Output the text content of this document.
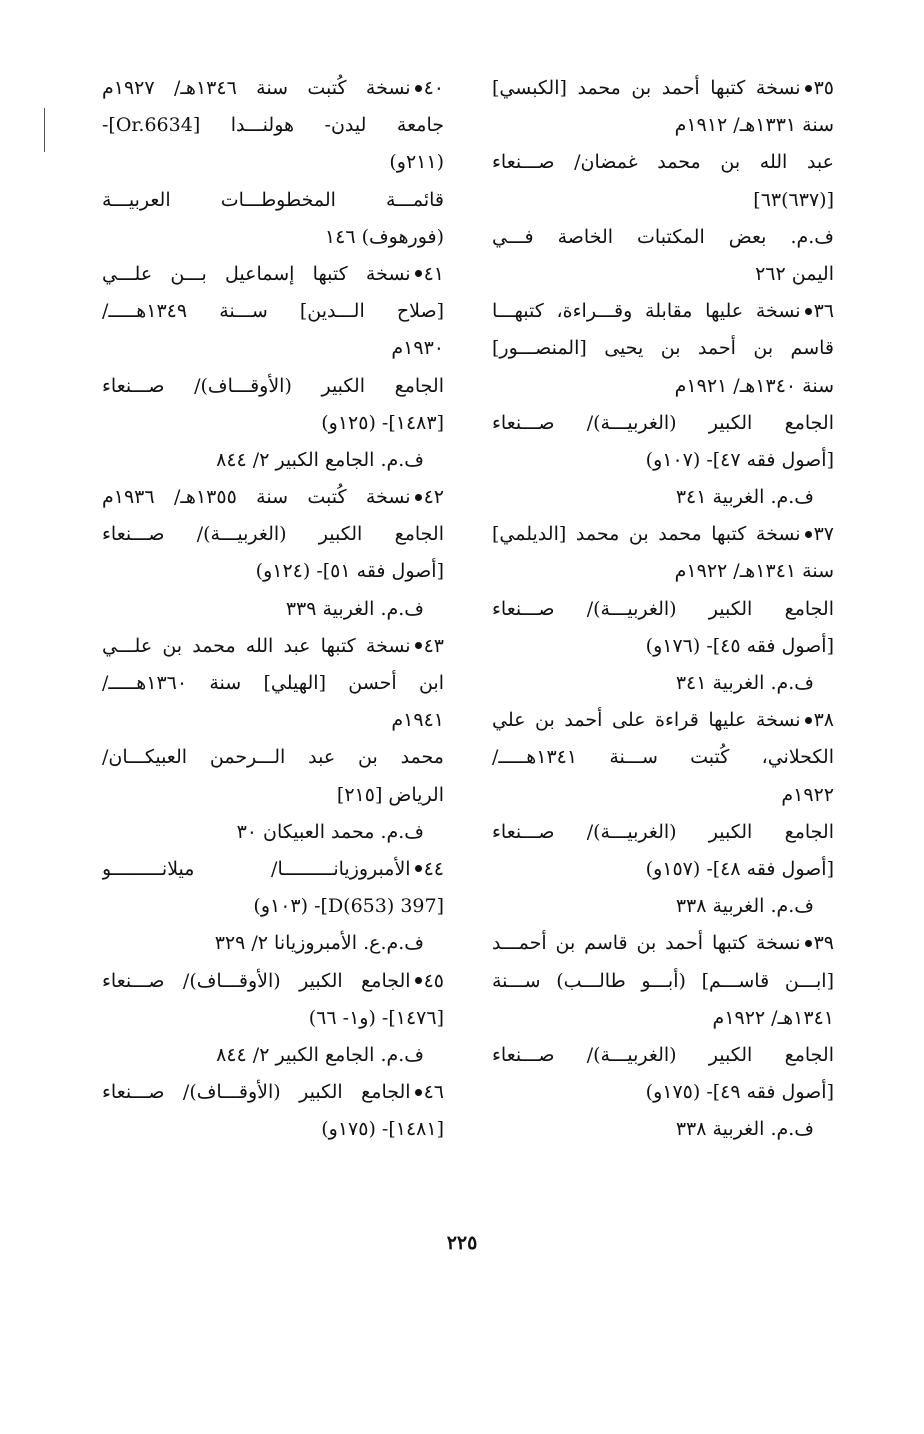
٣٥نسخة كتبها أحمد بن محمد [الكبسي]
سنة ١٣٣١هـ/ ١٩١٢م
عبد الله بن محمد غمضان/ صـــنعاء
[(٦٣٧)٦٣]
ف.م. بعض المكتبات الخاصة فـــي
اليمن ٢٦٢
٣٦نسخة عليها مقابلة وقـــراءة، كتبهـــا
قاسم بن أحمد بن يحيى [المنصـــور]
سنة ١٣٤٠هـ/ ١٩٢١م
الجامع الكبير (الغربيـــة)/ صـــنعاء
[أصول فقه ٤٧]- (١٠٧و)
ف.م. الغربية ٣٤١
٣٧نسخة كتبها محمد بن محمد [الديلمي]
سنة ١٣٤١هـ/ ١٩٢٢م
الجامع الكبير (الغربيـــة)/ صـــنعاء
[أصول فقه ٤٥]- (١٧٦و)
ف.م. الغربية ٣٤١
٣٨نسخة عليها قراءة على أحمد بن علي
الكحلاني، كُتبت ســـنة ١٣٤١هـــــ/
١٩٢٢م
الجامع الكبير (الغربيـــة)/ صـــنعاء
[أصول فقه ٤٨]- (١٥٧و)
ف.م. الغربية ٣٣٨
٣٩نسخة كتبها أحمد بن قاسم بن أحمـــد
[ابـــن قاســـم] (أبـــو طالـــب) ســـنة
١٣٤١هـ/ ١٩٢٢م
الجامع الكبير (الغربيـــة)/ صـــنعاء
[أصول فقه ٤٩]- (١٧٥و)
ف.م. الغربية ٣٣٨
٤٠نسخة كُتبت سنة ١٣٤٦هـ/ ١٩٢٧م
جامعة ليدن- هولنـــدا [Or.6634]-
(٢١١و)
قائمـــة المخطوطـــات العربيـــة
(فورهوف) ١٤٦
٤١نسخة كتبها إسماعيل بـــن علـــي
[صلاح الـــدين] ســـنة ١٣٤٩هـــــ/
١٩٣٠م
الجامع الكبير (الأوقـــاف)/ صـــنعاء
[١٤٨٣]- (١٢٥و)
ف.م. الجامع الكبير ٢/ ٨٤٤
٤٢نسخة كُتبت سنة ١٣٥٥هـ/ ١٩٣٦م
الجامع الكبير (الغربيـــة)/ صـــنعاء
[أصول فقه ٥١]- (١٢٤و)
ف.م. الغربية ٣٣٩
٤٣نسخة كتبها عبد الله محمد بن علـــي
ابن أحسن [الهيلي] سنة ١٣٦٠هـــــ/
١٩٤١م
محمد بن عبد الـــرحمن العبيكـــان/
الرياض [٢١٥]
ف.م. محمد العبيكان ٣٠
٤٤الأمبروزيانـــــــــا/ ميلانـــــــــو
[397 D(653)]- (١٠٣و)
ف.م.ع. الأمبروزيانا ٢/ ٣٢٩
٤٥الجامع الكبير (الأوقـــاف)/ صـــنعاء
[١٤٧٦]- (و١- ٦٦)
ف.م. الجامع الكبير ٢/ ٨٤٤
٤٦الجامع الكبير (الأوقـــاف)/ صـــنعاء
[١٤٨١]- (١٧٥و)
٢٢٥
